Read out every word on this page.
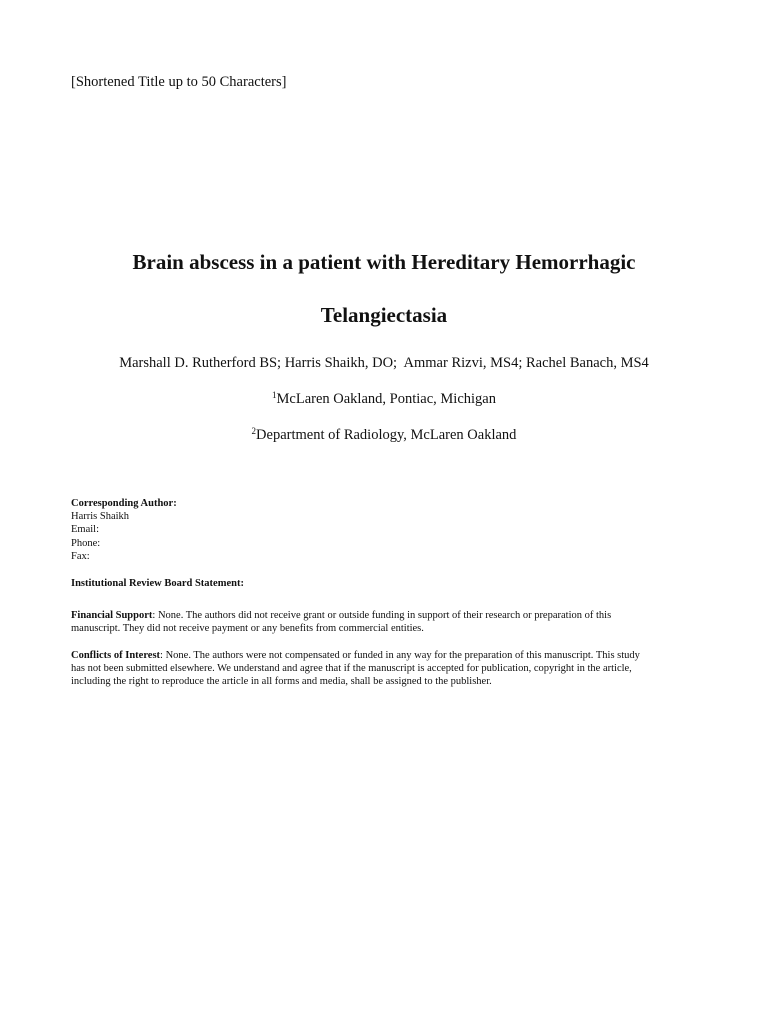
[Shortened Title up to 50 Characters]
Brain abscess in a patient with Hereditary Hemorrhagic
Telangiectasia
Marshall D. Rutherford BS; Harris Shaikh, DO;  Ammar Rizvi, MS4; Rachel Banach, MS4
$^1$McLaren Oakland, Pontiac, Michigan
$^2$Department of Radiology, McLaren Oakland
Corresponding Author:
Harris Shaikh
Email:
Phone:
Fax:
Institutional Review Board Statement:
Financial Support: None. The authors did not receive grant or outside funding in support of their research or preparation of this
manuscript. They did not receive payment or any benefits from commercial entities.
Conflicts of Interest: None. The authors were not compensated or funded in any way for the preparation of this manuscript. This study
has not been submitted elsewhere. We understand and agree that if the manuscript is accepted for publication, copyright in the article,
including the right to reproduce the article in all forms and media, shall be assigned to the publisher.
